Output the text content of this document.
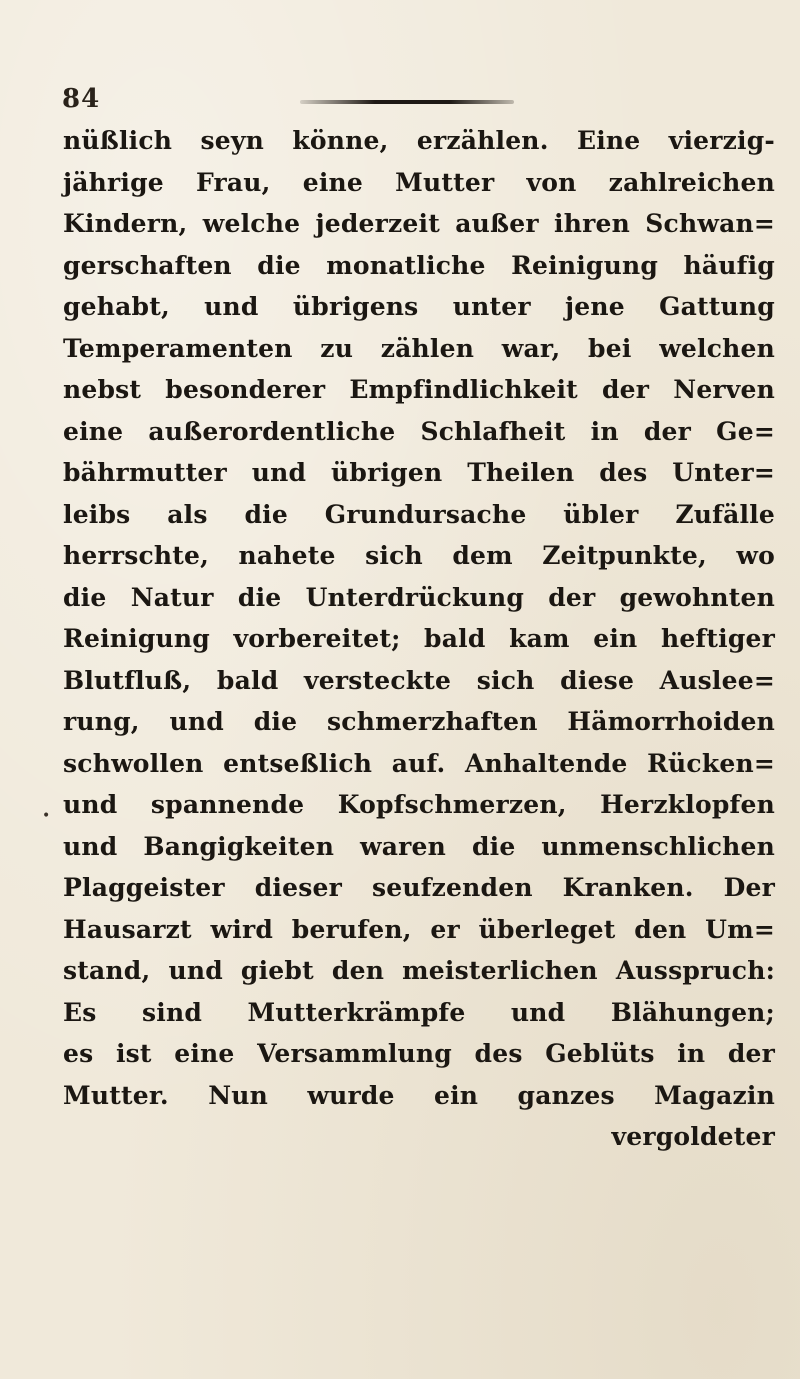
84
•
nüßlich seyn könne, erzählen. Eine vierzig-
jährige Frau, eine Mutter von zahlreichen
Kindern, welche jederzeit außer ihren Schwan=
gerschaften die monatliche Reinigung häufig
gehabt, und übrigens unter jene Gattung
Temperamenten zu zählen war, bei welchen
nebst besonderer Empfindlichkeit der Nerven
eine außerordentliche Schlafheit in der Ge=
bährmutter und übrigen Theilen des Unter=
leibs als die Grundursache übler Zufälle
herrschte, nahete sich dem Zeitpunkte, wo
die Natur die Unterdrückung der gewohnten
Reinigung vorbereitet; bald kam ein heftiger
Blutfluß, bald versteckte sich diese Ausleе=
rung, und die schmerzhaften Hämorrhoiden
schwollen entseßlich auf. Anhaltende Rücken=
und spannende Kopfschmerzen, Herzklopfen
und Bangigkeiten waren die unmenschlichen
Plaggeister dieser seufzenden Kranken. Der
Hausarzt wird berufen, er überleget den Um=
stand, und giebt den meisterlichen Ausspruch:
Es sind Mutterkrämpfe und Blähungen;
es ist eine Versammlung des Geblüts in der
Mutter. Nun wurde ein ganzes Magazin
vergoldeter
